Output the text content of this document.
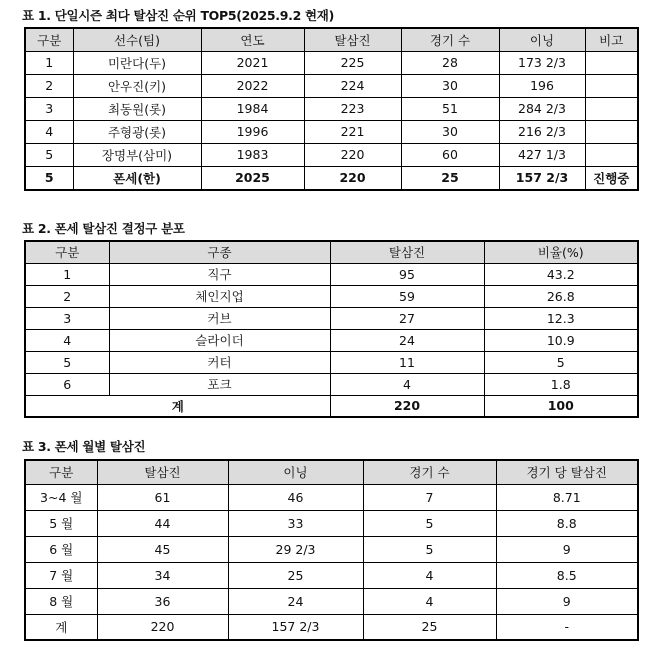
표 1. 단일시즌 최다 탈삼진 순위 TOP5(2025.9.2 현재)
구분	선수(팀)	연도	탈삼진	경기 수	이닝	비고
1	미란다(두)	2021	225	28	173 2/3	
2	안우진(키)	2022	224	30	196	
3	최동원(롯)	1984	223	51	284 2/3	
4	주형광(롯)	1996	221	30	216 2/3	
5	장명부(삼미)	1983	220	60	427 1/3	
5	폰세(한)	2025	220	25	157 2/3	진행중
표 2. 폰세 탈삼진 결정구 분포
구분	구종	탈삼진	비율(%)
1	직구	95	43.2
2	체인지업	59	26.8
3	커브	27	12.3
4	슬라이더	24	10.9
5	커터	11	5
6	포크	4	1.8
계		220	100
표 3. 폰세 월별 탈삼진
구분	탈삼진	이닝	경기 수	경기 당 탈삼진
3~4 월	61	46	7	8.71
5 월	44	33	5	8.8
6 월	45	29 2/3	5	9
7 월	34	25	4	8.5
8 월	36	24	4	9
계	220	157 2/3	25	-
